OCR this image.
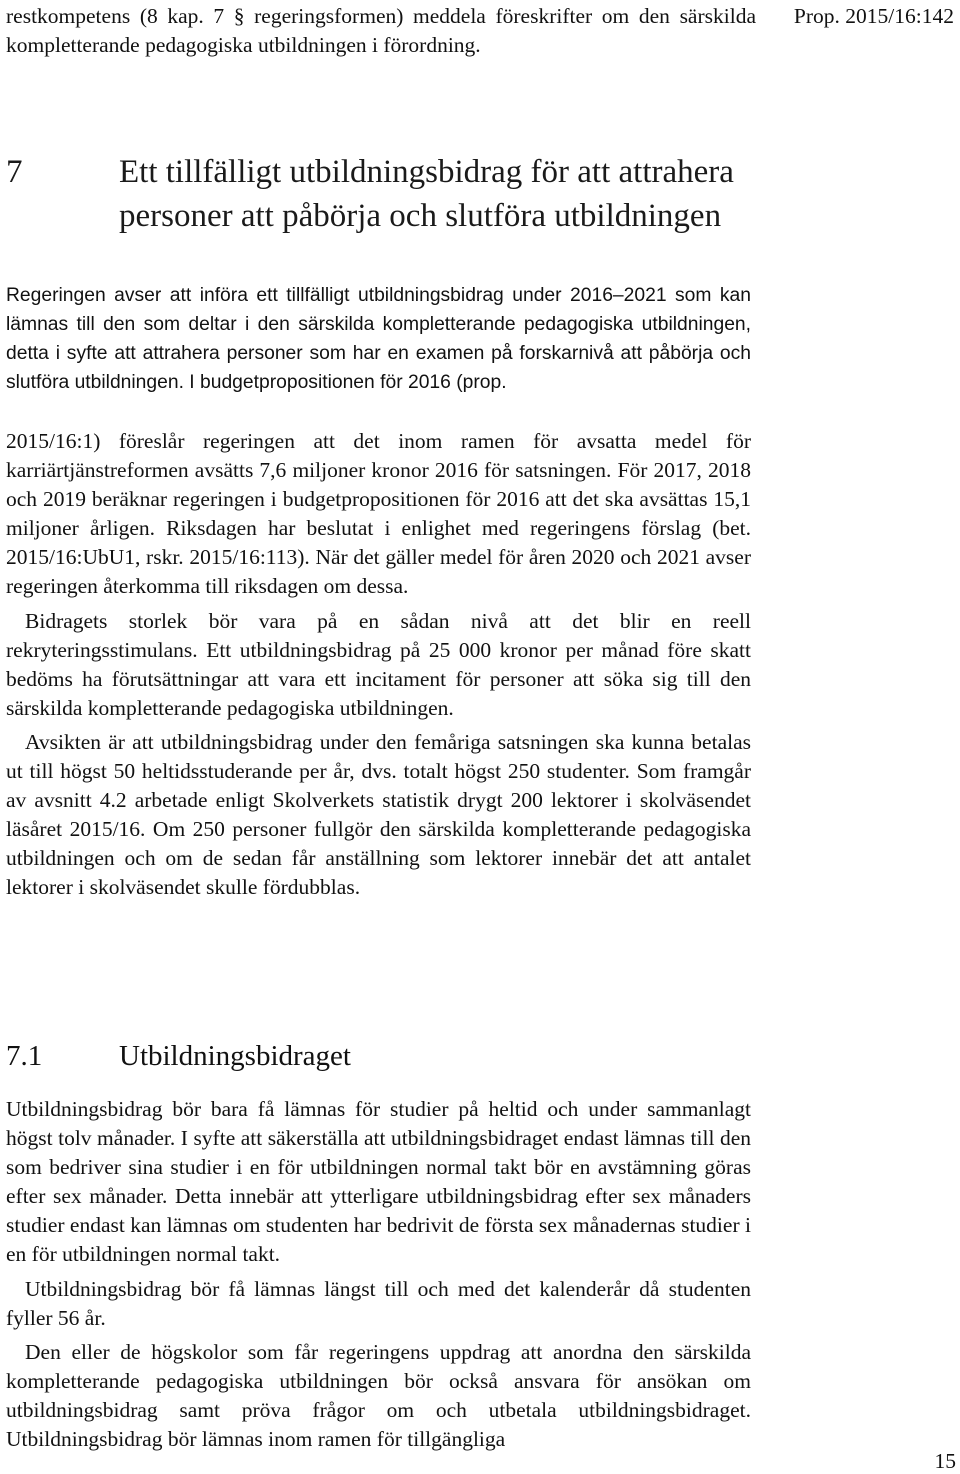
restkompetens (8 kap. 7 § regeringsformen) meddela föreskrifter om den särskilda kompletterande pedagogiska utbildningen i förordning.
Prop. 2015/16:142
7	Ett tillfälligt utbildningsbidrag för att attrahera personer att påbörja och slutföra utbildningen

Regeringen avser att införa ett tillfälligt utbildningsbidrag under 2016–2021 som kan lämnas till den som deltar i den särskilda kompletterande pedagogiska utbildningen, detta i syfte att attrahera personer som har en examen på forskarnivå att påbörja och slutföra utbildningen. I budgetpropositionen för 2016 (prop.

2015/16:1) föreslår regeringen att det inom ramen för avsatta medel för karriärtjänstreformen avsätts 7,6 miljoner kronor 2016 för satsningen. För 2017, 2018 och 2019 beräknar regeringen i budgetpropositionen för 2016 att det ska avsättas 15,1 miljoner årligen. Riksdagen har beslutat i enlighet med regeringens förslag (bet. 2015/16:UbU1, rskr. 2015/16:113). När det gäller medel för åren 2020 och 2021 avser regeringen återkomma till riksdagen om dessa.

Bidragets storlek bör vara på en sådan nivå att det blir en reell rekryteringsstimulans. Ett utbildningsbidrag på 25 000 kronor per månad före skatt bedöms ha förutsättningar att vara ett incitament för personer att söka sig till den särskilda kompletterande pedagogiska utbildningen.

Avsikten är att utbildningsbidrag under den femåriga satsningen ska kunna betalas ut till högst 50 heltidsstuderande per år, dvs. totalt högst 250 studenter. Som framgår av avsnitt 4.2 arbetade enligt Skolverkets statistik drygt 200 lektorer i skolväsendet läsåret 2015/16. Om 250 personer fullgör den särskilda kompletterande pedagogiska utbildningen och om de sedan får anställning som lektorer innebär det att antalet lektorer i skolväsendet skulle fördubblas.

7.1	Utbildningsbidraget

Utbildningsbidrag bör bara få lämnas för studier på heltid och under sammanlagt högst tolv månader. I syfte att säkerställa att utbildningsbidraget endast lämnas till den som bedriver sina studier i en för utbildningen normal takt bör en avstämning göras efter sex månader. Detta innebär att ytterligare utbildningsbidrag efter sex månaders studier endast kan lämnas om studenten har bedrivit de första sex månadernas studier i en för utbildningen normal takt.

Utbildningsbidrag bör få lämnas längst till och med det kalenderår då studenten fyller 56 år.

Den eller de högskolor som får regeringens uppdrag att anordna den särskilda kompletterande pedagogiska utbildningen bör också ansvara för ansökan om utbildningsbidrag samt pröva frågor om och utbetala utbildningsbidraget. Utbildningsbidrag bör lämnas inom ramen för tillgängliga

15
